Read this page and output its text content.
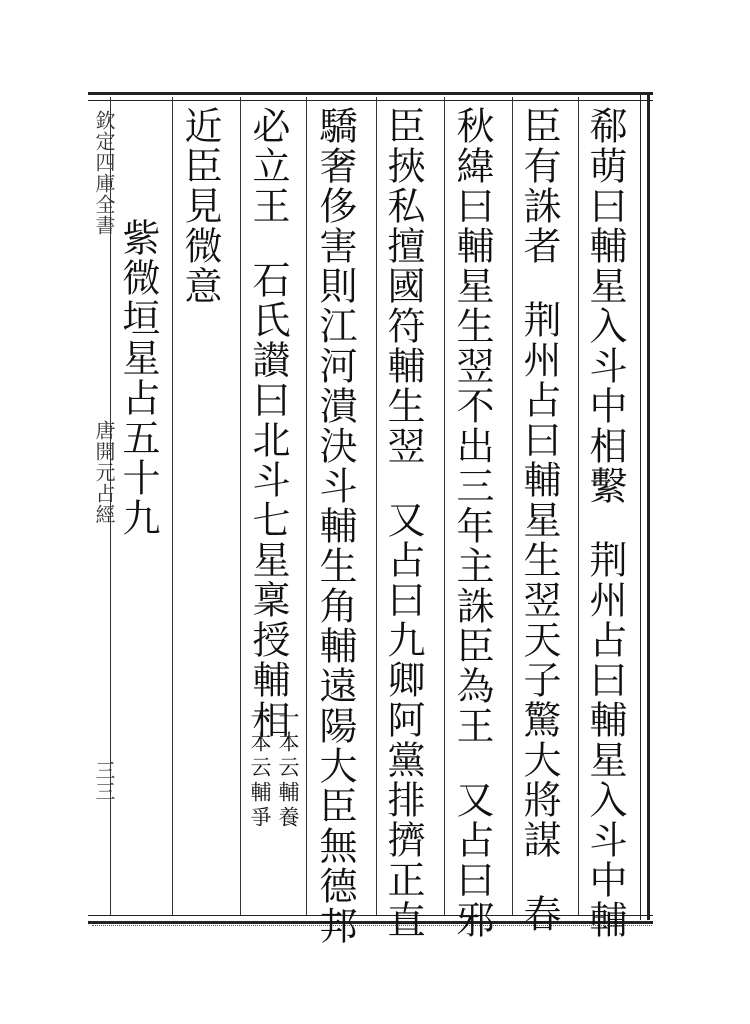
欽定四庫全書
唐開元占經
三三
郗萌曰輔星入斗中相繫荆州占曰輔星入斗中輔
臣有誅者荆州占曰輔星生翌天子驚大將謀春
秋緯曰輔星生翌不出三年主誅臣為王又占曰邪
臣挾私擅國符輔生翌又占曰九卿阿黨排擠正直
驕奢侈害則江河潰決斗輔生角輔遠陽大臣無德邦
必立王石氏讃曰北斗七星稟授輔相
一本云輔養
一本云輔爭
近臣見微意
紫微垣星占五十九
